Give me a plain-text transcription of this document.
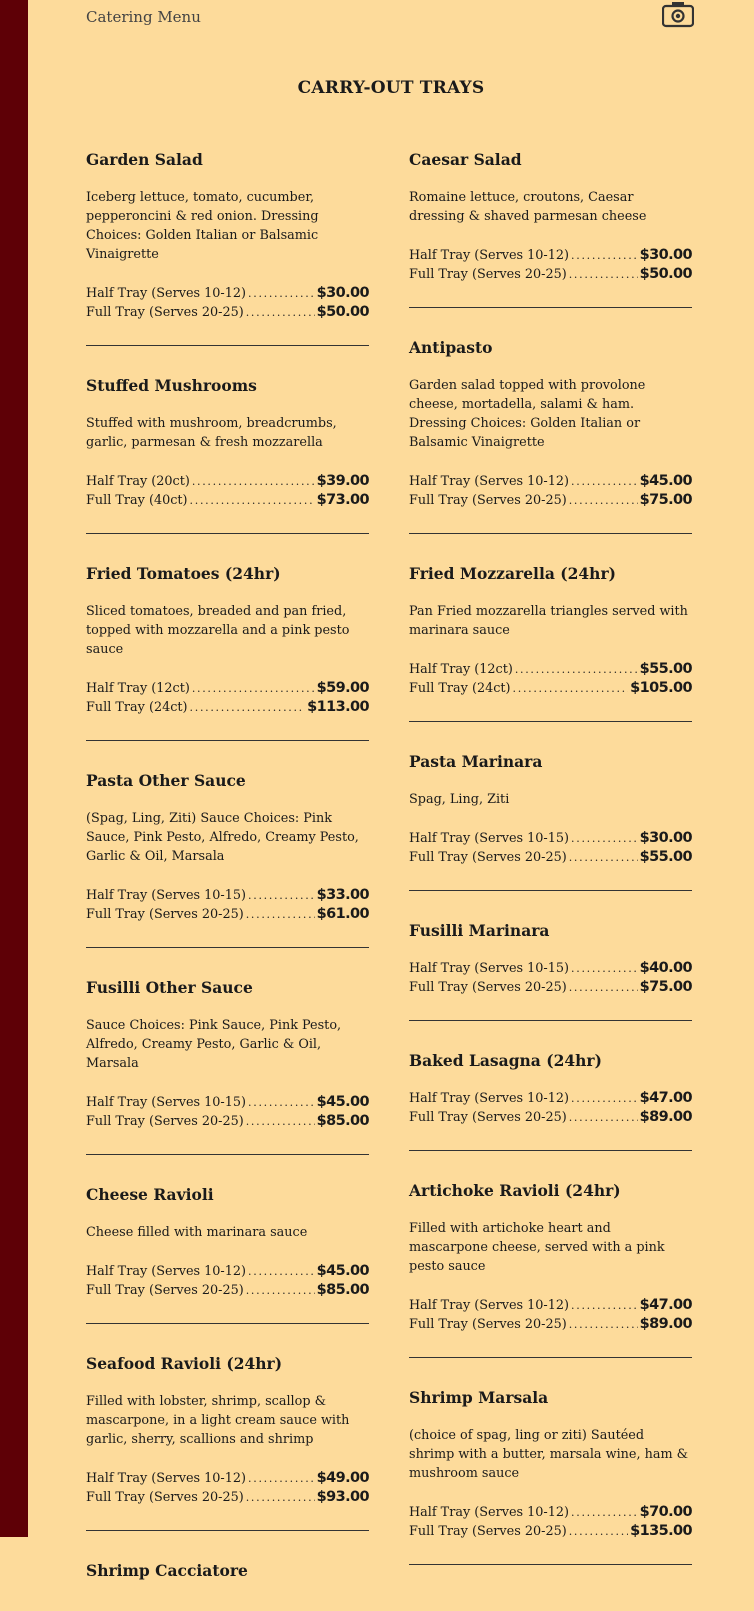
Catering Menu
CARRY-OUT TRAYS
Garden Salad
Iceberg lettuce, tomato, cucumber, pepperoncini & red onion. Dressing Choices: Golden Italian or Balsamic Vinaigrette
Half Tray (Serves 10-12) .....	$30.00
Full Tray (Serves 20-25) .....	$50.00
Stuffed Mushrooms
Stuffed with mushroom, breadcrumbs, garlic, parmesan & fresh mozzarella
Half Tray (20ct) .....	$39.00
Full Tray (40ct) .....	$73.00
Fried Tomatoes (24hr)
Sliced tomatoes, breaded and pan fried, topped with mozzarella and a pink pesto sauce
Half Tray (12ct) .....	$59.00
Full Tray (24ct) .....	$113.00
Pasta Other Sauce
(Spag, Ling, Ziti) Sauce Choices: Pink Sauce, Pink Pesto, Alfredo, Creamy Pesto, Garlic & Oil, Marsala
Half Tray (Serves 10-15) .....	$33.00
Full Tray (Serves 20-25) .....	$61.00
Fusilli Other Sauce
Sauce Choices: Pink Sauce, Pink Pesto, Alfredo, Creamy Pesto, Garlic & Oil, Marsala
Half Tray (Serves 10-15) .....	$45.00
Full Tray (Serves 20-25) .....	$85.00
Cheese Ravioli
Cheese filled with marinara sauce
Half Tray (Serves 10-12) .....	$45.00
Full Tray (Serves 20-25) .....	$85.00
Seafood Ravioli (24hr)
Filled with lobster, shrimp, scallop & mascarpone, in a light cream sauce with garlic, sherry, scallions and shrimp
Half Tray (Serves 10-12) .....	$49.00
Full Tray (Serves 20-25) .....	$93.00
Shrimp Cacciatore
Caesar Salad
Romaine lettuce, croutons, Caesar dressing & shaved parmesan cheese
Half Tray (Serves 10-12) .....	$30.00
Full Tray (Serves 20-25) .....	$50.00
Antipasto
Garden salad topped with provolone cheese, mortadella, salami & ham. Dressing Choices: Golden Italian or Balsamic Vinaigrette
Half Tray (Serves 10-12) .....	$45.00
Full Tray (Serves 20-25) .....	$75.00
Fried Mozzarella (24hr)
Pan Fried mozzarella triangles served with marinara sauce
Half Tray (12ct) .....	$55.00
Full Tray (24ct) .....	$105.00
Pasta Marinara
Spag, Ling, Ziti
Half Tray (Serves 10-15) .....	$30.00
Full Tray (Serves 20-25) .....	$55.00
Fusilli Marinara
Half Tray (Serves 10-15) .....	$40.00
Full Tray (Serves 20-25) .....	$75.00
Baked Lasagna (24hr)
Half Tray (Serves 10-12) .....	$47.00
Full Tray (Serves 20-25) .....	$89.00
Artichoke Ravioli (24hr)
Filled with artichoke heart and mascarpone cheese, served with a pink pesto sauce
Half Tray (Serves 10-12) .....	$47.00
Full Tray (Serves 20-25) .....	$89.00
Shrimp Marsala
(choice of spag, ling or ziti) Sautéed shrimp with a butter, marsala wine, ham & mushroom sauce
Half Tray (Serves 10-12) .....	$70.00
Full Tray (Serves 20-25) .....	$135.00
